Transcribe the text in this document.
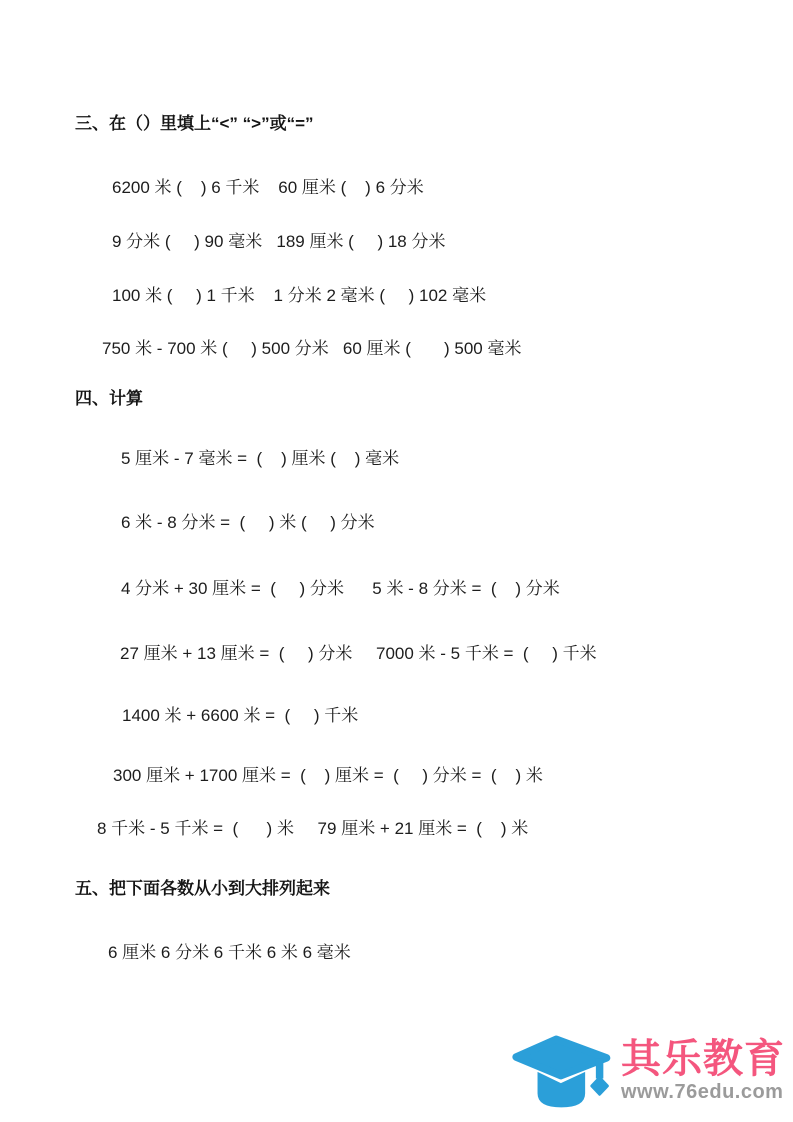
三、在（）里填上“<” “>”或“=”
6200 米 (    ) 6 千米    60 厘米 (    ) 6 分米
9 分米 (     ) 90 毫米   189 厘米 (     ) 18 分米
100 米 (     ) 1 千米    1 分米 2 毫米 (     ) 102 毫米
750 米 - 700 米 (     ) 500 分米   60 厘米 (       ) 500 毫米
四、计算
5 厘米 - 7 毫米 =  (    ) 厘米 (    ) 毫米
6 米 - 8 分米 =  (     ) 米 (     ) 分米
4 分米 + 30 厘米 =  (     ) 分米      5 米 - 8 分米 =  (    ) 分米
27 厘米 + 13 厘米 =  (     ) 分米     7000 米 - 5 千米 =  (     ) 千米
1400 米 + 6600 米 =  (     ) 千米
300 厘米 + 1700 厘米 =  (    ) 厘米 =  (     ) 分米 =  (    ) 米
8 千米 - 5 千米 =  (      ) 米     79 厘米 + 21 厘米 =  (    ) 米
五、把下面各数从小到大排列起来
6 厘米 6 分米 6 千米 6 米 6 毫米
其乐教育
www.76edu.com
